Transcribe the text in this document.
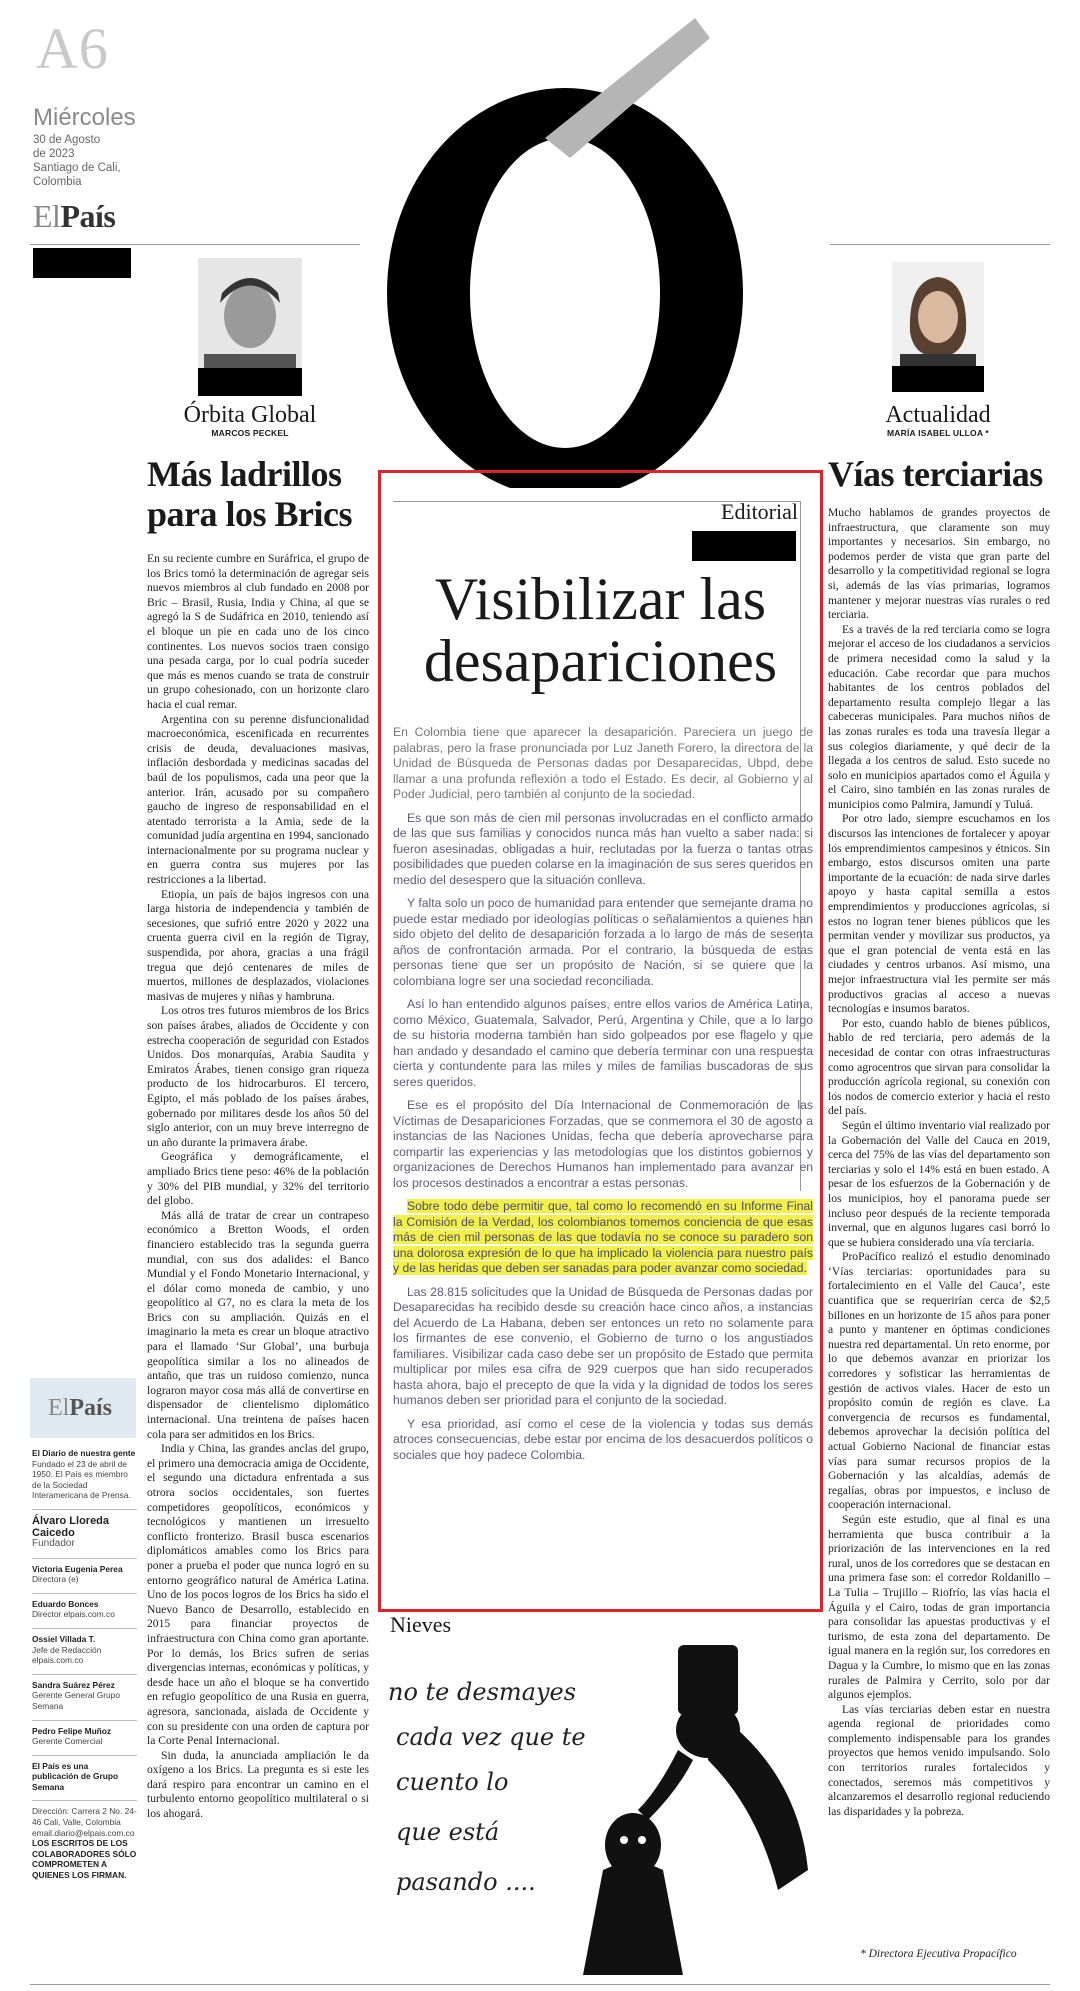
A6
Miércoles
30 de Agosto
de 2023
Santiago de Cali,
Colombia
ElPaís
Órbita Global
MARCOS PECKEL
Más ladrillos
para los Brics

En su reciente cumbre en Suráfrica, el grupo de los Brics tomó la determinación de agregar seis nuevos miembros al club fundado en 2008 por Bric – Brasil, Rusia, India y China, al que se agregó la S de Sudáfrica en 2010, teniendo así el bloque un pie en cada uno de los cinco continentes. Los nuevos socios traen consigo una pesada carga, por lo cual podría suceder que más es menos cuando se trata de construir un grupo cohesionado, con un horizonte claro hacia el cual remar.

Argentina con su perenne disfuncionalidad macroeconómica, escenificada en recurrentes crisis de deuda, devaluaciones masivas, inflación desbordada y medicinas sacadas del baúl de los populismos, cada una peor que la anterior. Irán, acusado por su compañero gaucho de ingreso de responsabilidad en el atentado terrorista a la Amia, sede de la comunidad judía argentina en 1994, sancionado internacionalmente por su programa nuclear y en guerra contra sus mujeres por las restricciones a la libertad.

Etiopía, un país de bajos ingresos con una larga historia de independencia y también de secesiones, que sufrió entre 2020 y 2022 una cruenta guerra civil en la región de Tigray, suspendida, por ahora, gracias a una frágil tregua que dejó centenares de miles de muertos, millones de desplazados, violaciones masivas de mujeres y niñas y hambruna.

Los otros tres futuros miembros de los Brics son países árabes, aliados de Occidente y con estrecha cooperación de seguridad con Estados Unidos. Dos monarquías, Arabia Saudita y Emiratos Árabes, tienen consigo gran riqueza producto de los hidrocarburos. El tercero, Egipto, el más poblado de los países árabes, gobernado por militares desde los años 50 del siglo anterior, con un muy breve interregno de un año durante la primavera árabe.

Geográfica y demográficamente, el ampliado Brics tiene peso: 46% de la población y 30% del PIB mundial, y 32% del territorio del globo.

Más allá de tratar de crear un contrapeso económico a Bretton Woods, el orden financiero establecido tras la segunda guerra mundial, con sus dos adalides: el Banco Mundial y el Fondo Monetario Internacional, y el dólar como moneda de cambio, y uno geopolítico al G7, no es clara la meta de los Brics con su ampliación. Quizás en el imaginario la meta es crear un bloque atractivo para el llamado ‘Sur Global’, una burbuja geopolítica similar a los no alineados de antaño, que tras un ruidoso comienzo, nunca lograron mayor cosa más allá de convertirse en dispensador de clientelismo diplomático internacional. Una treintena de países hacen cola para ser admitidos en los Brics.

India y China, las grandes anclas del grupo, el primero una democracia amiga de Occidente, el segundo una dictadura enfrentada a sus otrora socios occidentales, son fuertes competidores geopolíticos, económicos y tecnológicos y mantienen un irresuelto conflicto fronterizo. Brasil busca escenarios diplomáticos amables como los Brics para poner a prueba el poder que nunca logró en su entorno geográfico natural de América Latina. Uno de los pocos logros de los Brics ha sido el Nuevo Banco de Desarrollo, establecido en 2015 para financiar proyectos de infraestructura con China como gran aportante. Por lo demás, los Brics sufren de serias divergencias internas, económicas y políticas, y desde hace un año el bloque se ha convertido en refugio geopolítico de una Rusia en guerra, agresora, sancionada, aislada de Occidente y con su presidente con una orden de captura por la Corte Penal Internacional.

Sin duda, la anunciada ampliación le da oxígeno a los Brics. La pregunta es si este les dará respiro para encontrar un camino en el turbulento entorno geopolítico multilateral o si los ahogará.

ElPaís
El Diario de nuestra gente
Fundado el 23 de abril de 1950. El País es miembro de la Sociedad Interamericana de Prensa.
Álvaro Lloreda Caicedo
Fundador
Victoria Eugenia Perea
Directora (e)
Eduardo Bonces
Director elpais.com.co
Ossiel Villada T.
Jefe de Redacción elpais.com.co
Sandra Suárez Pérez
Gerente General Grupo Semana
Pedro Felipe Muñoz
Gerente Comercial
El País es una publicación de Grupo Semana
Dirección: Carrera 2 No. 24-46 Cali, Valle, Colombia email.diario@elpais.com.co
LOS ESCRITOS DE LOS COLABORADORES SÓLO COMPROMETEN A QUIENES LOS FIRMAN.
Editorial
Visibilizar las
desapariciones

En Colombia tiene que aparecer la desaparición. Pareciera un juego de palabras, pero la frase pronunciada por Luz Janeth Forero, la directora de la Unidad de Búsqueda de Personas dadas por Desaparecidas, Ubpd, debe llamar a una profunda reflexión a todo el Estado. Es decir, al Gobierno y al Poder Judicial, pero también al conjunto de la sociedad.

Es que son más de cien mil personas involucradas en el conflicto armado de las que sus familias y conocidos nunca más han vuelto a saber nada: si fueron asesinadas, obligadas a huir, reclutadas por la fuerza o tantas otras posibilidades que pueden colarse en la imaginación de sus seres queridos en medio del desespero que la situación conlleva.

Y falta solo un poco de humanidad para entender que semejante drama no puede estar mediado por ideologías políticas o señalamientos a quienes han sido objeto del delito de desaparición forzada a lo largo de más de sesenta años de confrontación armada. Por el contrario, la búsqueda de estas personas tiene que ser un propósito de Nación, si se quiere que la colombiana logre ser una sociedad reconciliada.

Así lo han entendido algunos países, entre ellos varios de América Latina, como México, Guatemala, Salvador, Perú, Argentina y Chile, que a lo largo de su historia moderna también han sido golpeados por ese flagelo y que han andado y desandado el camino que debería terminar con una respuesta cierta y contundente para las miles y miles de familias buscadoras de sus seres queridos.

Ese es el propósito del Día Internacional de Conmemoración de las Víctimas de Desapariciones Forzadas, que se conmemora el 30 de agosto a instancias de las Naciones Unidas, fecha que debería aprovecharse para compartir las experiencias y las metodologías que los distintos gobiernos y organizaciones de Derechos Humanos han implementado para avanzar en los procesos destinados a encontrar a estas personas.

Sobre todo debe permitir que, tal como lo recomendó en su Informe Final la Comisión de la Verdad, los colombianos tomemos conciencia de que esas más de cien mil personas de las que todavía no se conoce su paradero son una dolorosa expresión de lo que ha implicado la violencia para nuestro país y de las heridas que deben ser sanadas para poder avanzar como sociedad.

Las 28.815 solicitudes que la Unidad de Búsqueda de Personas dadas por Desaparecidas ha recibido desde su creación hace cinco años, a instancias del Acuerdo de La Habana, deben ser entonces un reto no solamente para los firmantes de ese convenio, el Gobierno de turno o los angustiados familiares. Visibilizar cada caso debe ser un propósito de Estado que permita multiplicar por miles esa cifra de 929 cuerpos que han sido recuperados hasta ahora, bajo el precepto de que la vida y la dignidad de todos los seres humanos deben ser prioridad para el conjunto de la sociedad.

Y esa prioridad, así como el cese de la violencia y todas sus demás atroces consecuencias, debe estar por encima de los desacuerdos políticos o sociales que hoy padece Colombia.

Nieves
no te desmayes
cada vez que te
cuento lo
que está
pasando ....
Actualidad
MARÍA ISABEL ULLOA *
Vías terciarias

Mucho hablamos de grandes proyectos de infraestructura, que claramente son muy importantes y necesarios. Sin embargo, no podemos perder de vista que gran parte del desarrollo y la competitividad regional se logra si, además de las vías primarias, logramos mantener y mejorar nuestras vías rurales o red terciaria.

Es a través de la red terciaria como se logra mejorar el acceso de los ciudadanos a servicios de primera necesidad como la salud y la educación. Cabe recordar que para muchos habitantes de los centros poblados del departamento resulta complejo llegar a las cabeceras municipales. Para muchos niños de las zonas rurales es toda una travesía llegar a sus colegios diariamente, y qué decir de la llegada a los centros de salud. Esto sucede no solo en municipios apartados como el Águila y el Cairo, sino también en las zonas rurales de municipios como Palmira, Jamundí y Tuluá.

Por otro lado, siempre escuchamos en los discursos las intenciones de fortalecer y apoyar los emprendimientos campesinos y étnicos. Sin embargo, estos discursos omiten una parte importante de la ecuación: de nada sirve darles apoyo y hasta capital semilla a estos emprendimientos y producciones agrícolas, si estos no logran tener bienes públicos que les permitan vender y movilizar sus productos, ya que el gran potencial de venta está en las ciudades y centros urbanos. Así mismo, una mejor infraestructura vial les permite ser más productivos gracias al acceso a nuevas tecnologías e insumos baratos.

Por esto, cuando hablo de bienes públicos, hablo de red terciaria, pero además de la necesidad de contar con otras infraestructuras como agrocentros que sirvan para consolidar la producción agrícola regional, su conexión con los nodos de comercio exterior y hacia el resto del país.

Según el último inventario vial realizado por la Gobernación del Valle del Cauca en 2019, cerca del 75% de las vías del departamento son terciarias y solo el 14% está en buen estado. A pesar de los esfuerzos de la Gobernación y de los municipios, hoy el panorama puede ser incluso peor después de la reciente temporada invernal, que en algunos lugares casi borró lo que se hubiera considerado una vía terciaria.

ProPacífico realizó el estudio denominado ‘Vías terciarias: oportunidades para su fortalecimiento en el Valle del Cauca’, este cuantifica que se requerirían cerca de $2,5 billones en un horizonte de 15 años para poner a punto y mantener en óptimas condiciones nuestra red departamental. Un reto enorme, por lo que debemos avanzar en priorizar los corredores y sofisticar las herramientas de gestión de activos viales. Hacer de esto un propósito común de región es clave. La convergencia de recursos es fundamental, debemos aprovechar la decisión política del actual Gobierno Nacional de financiar estas vías para sumar recursos propios de la Gobernación y las alcaldías, además de regalías, obras por impuestos, e incluso de cooperación internacional.

Según este estudio, que al final es una herramienta que busca contribuir a la priorización de las intervenciones en la red rural, unos de los corredores que se destacan en una primera fase son: el corredor Roldanillo – La Tulia – Trujillo – Riofrío, las vías hacia el Águila y el Cairo, todas de gran importancia para consolidar las apuestas productivas y el turismo, de esta zona del departamento. De igual manera en la región sur, los corredores en Dagua y la Cumbre, lo mismo que en las zonas rurales de Palmira y Cerrito, solo por dar algunos ejemplos.

Las vías terciarias deben estar en nuestra agenda regional de prioridades como complemento indispensable para los grandes proyectos que hemos venido impulsando. Solo con territorios rurales fortalecidos y conectados, seremos más competitivos y alcanzaremos el desarrollo regional reduciendo las disparidades y la pobreza.

* Directora Ejecutiva Propacífico
